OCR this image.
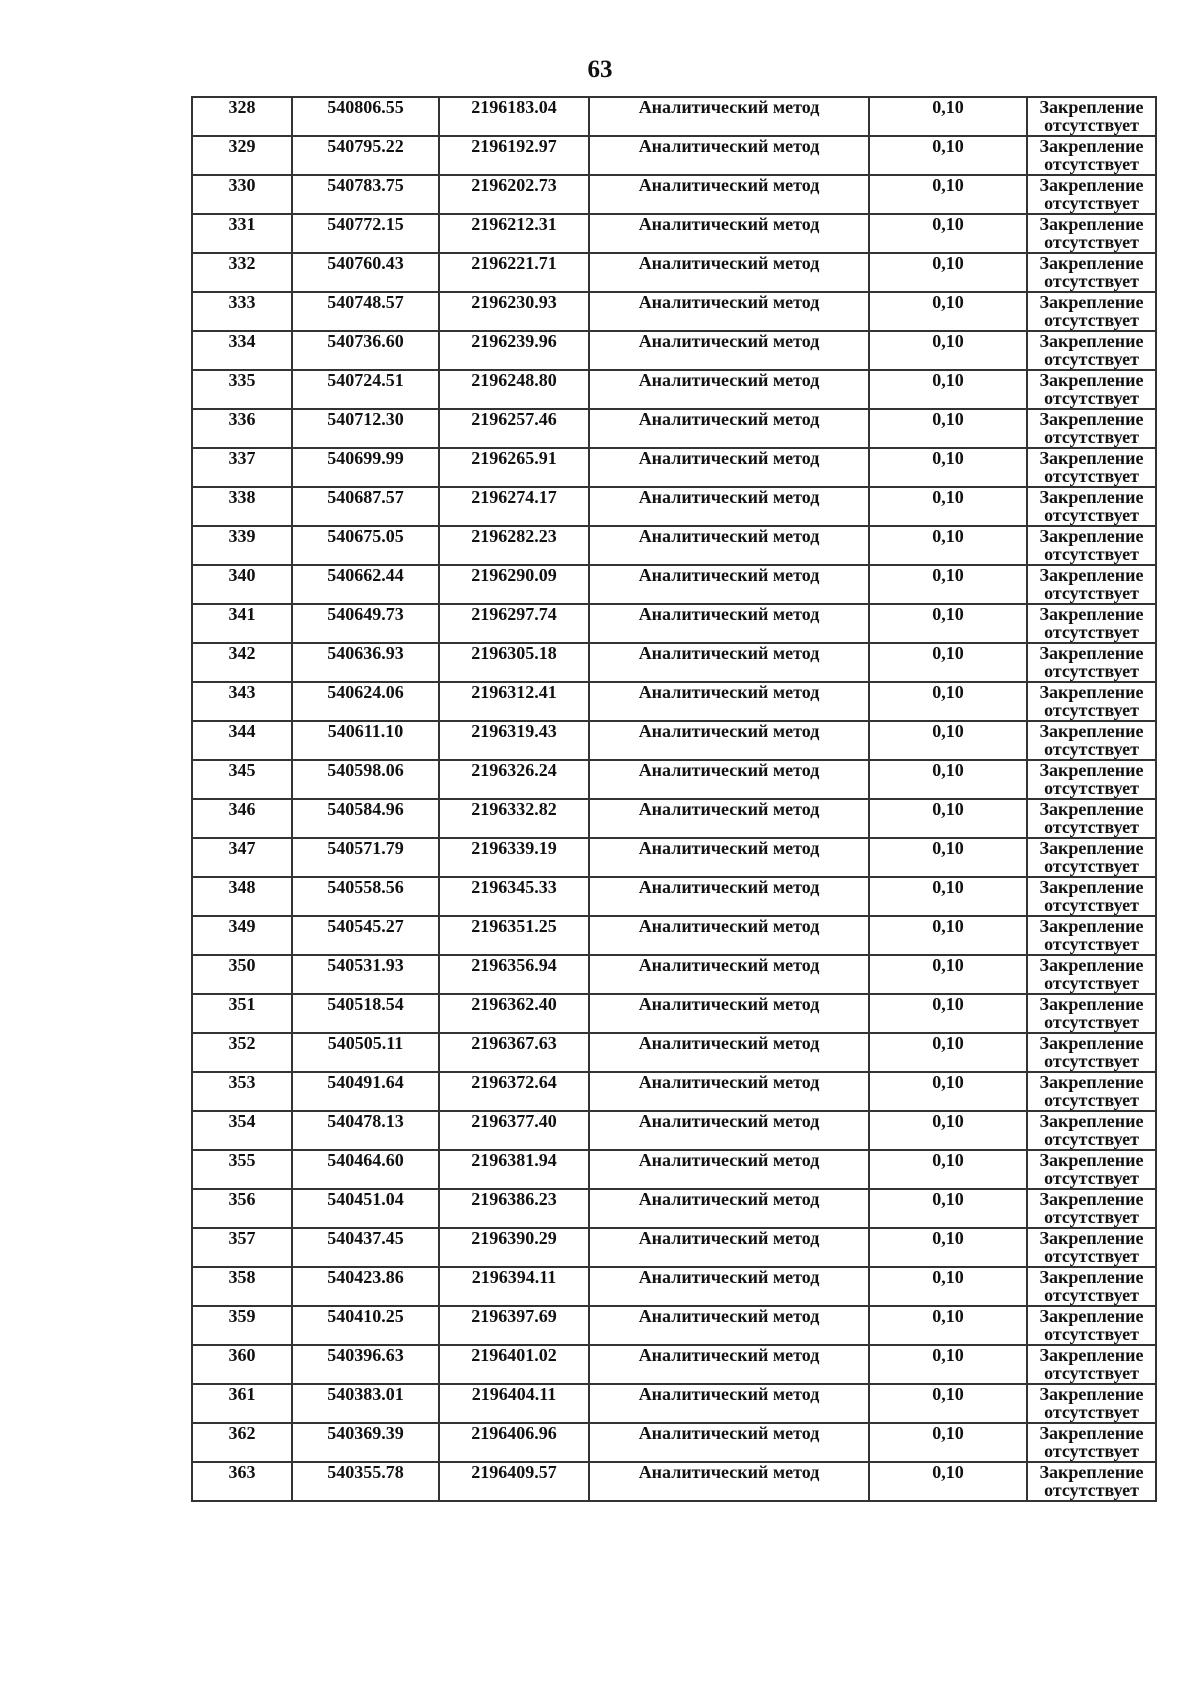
63
328	540806.55	2196183.04	Аналитический метод	0,10	Закрепление
отсутствует

329	540795.22	2196192.97	Аналитический метод	0,10	Закрепление
отсутствует

330	540783.75	2196202.73	Аналитический метод	0,10	Закрепление
отсутствует

331	540772.15	2196212.31	Аналитический метод	0,10	Закрепление
отсутствует

332	540760.43	2196221.71	Аналитический метод	0,10	Закрепление
отсутствует

333	540748.57	2196230.93	Аналитический метод	0,10	Закрепление
отсутствует

334	540736.60	2196239.96	Аналитический метод	0,10	Закрепление
отсутствует

335	540724.51	2196248.80	Аналитический метод	0,10	Закрепление
отсутствует

336	540712.30	2196257.46	Аналитический метод	0,10	Закрепление
отсутствует

337	540699.99	2196265.91	Аналитический метод	0,10	Закрепление
отсутствует

338	540687.57	2196274.17	Аналитический метод	0,10	Закрепление
отсутствует

339	540675.05	2196282.23	Аналитический метод	0,10	Закрепление
отсутствует

340	540662.44	2196290.09	Аналитический метод	0,10	Закрепление
отсутствует

341	540649.73	2196297.74	Аналитический метод	0,10	Закрепление
отсутствует

342	540636.93	2196305.18	Аналитический метод	0,10	Закрепление
отсутствует

343	540624.06	2196312.41	Аналитический метод	0,10	Закрепление
отсутствует

344	540611.10	2196319.43	Аналитический метод	0,10	Закрепление
отсутствует

345	540598.06	2196326.24	Аналитический метод	0,10	Закрепление
отсутствует

346	540584.96	2196332.82	Аналитический метод	0,10	Закрепление
отсутствует

347	540571.79	2196339.19	Аналитический метод	0,10	Закрепление
отсутствует

348	540558.56	2196345.33	Аналитический метод	0,10	Закрепление
отсутствует

349	540545.27	2196351.25	Аналитический метод	0,10	Закрепление
отсутствует

350	540531.93	2196356.94	Аналитический метод	0,10	Закрепление
отсутствует

351	540518.54	2196362.40	Аналитический метод	0,10	Закрепление
отсутствует

352	540505.11	2196367.63	Аналитический метод	0,10	Закрепление
отсутствует

353	540491.64	2196372.64	Аналитический метод	0,10	Закрепление
отсутствует

354	540478.13	2196377.40	Аналитический метод	0,10	Закрепление
отсутствует

355	540464.60	2196381.94	Аналитический метод	0,10	Закрепление
отсутствует

356	540451.04	2196386.23	Аналитический метод	0,10	Закрепление
отсутствует

357	540437.45	2196390.29	Аналитический метод	0,10	Закрепление
отсутствует

358	540423.86	2196394.11	Аналитический метод	0,10	Закрепление
отсутствует

359	540410.25	2196397.69	Аналитический метод	0,10	Закрепление
отсутствует

360	540396.63	2196401.02	Аналитический метод	0,10	Закрепление
отсутствует

361	540383.01	2196404.11	Аналитический метод	0,10	Закрепление
отсутствует

362	540369.39	2196406.96	Аналитический метод	0,10	Закрепление
отсутствует

363	540355.78	2196409.57	Аналитический метод	0,10	Закрепление
отсутствует
